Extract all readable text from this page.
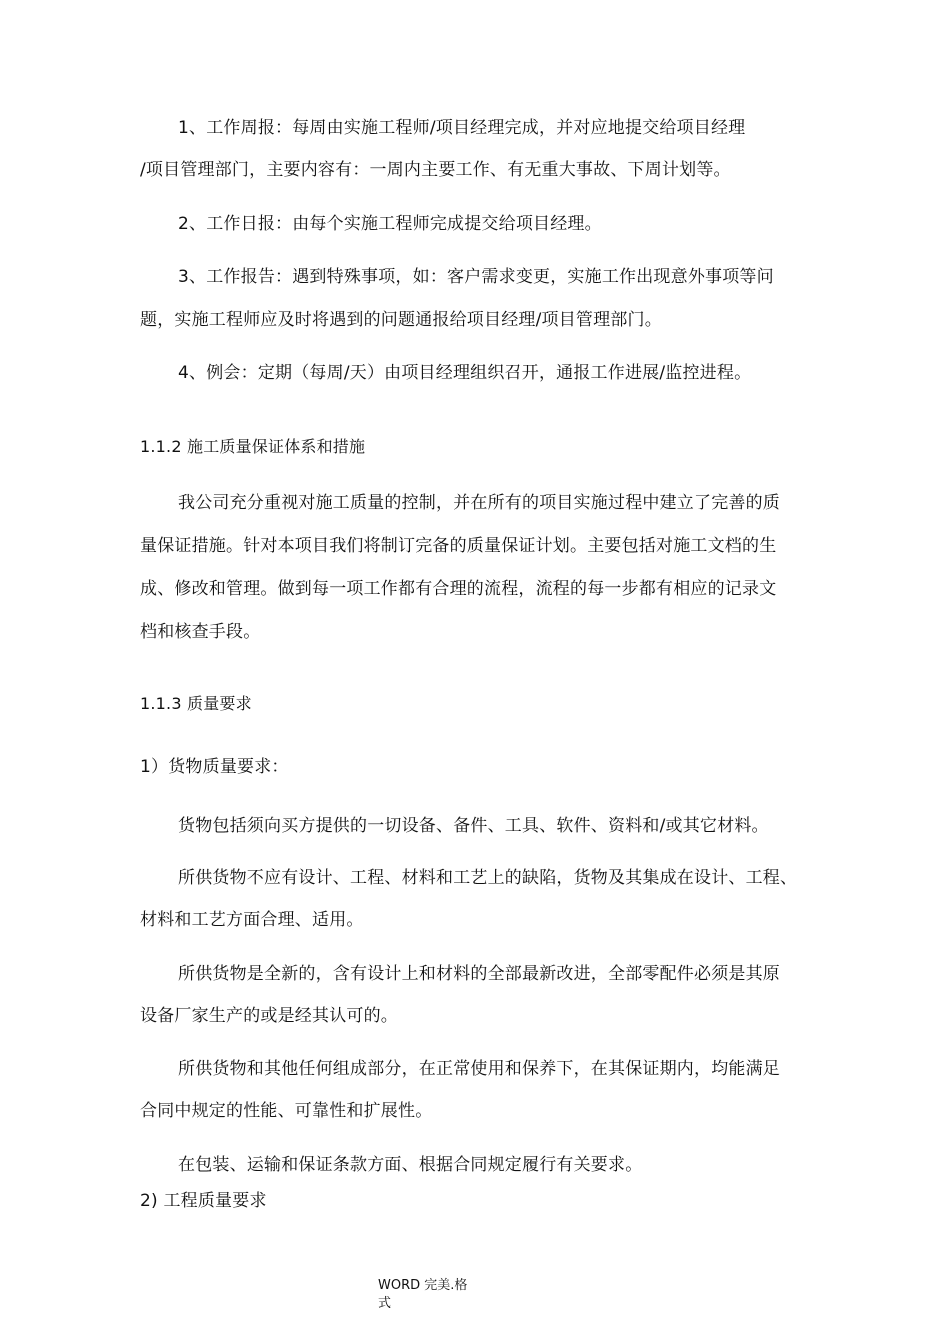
1、工作周报：每周由实施工程师/项目经理完成，并对应地提交给项目经理
/项目管理部门，主要内容有：一周内主要工作、有无重大事故、下周计划等。
2、工作日报：由每个实施工程师完成提交给项目经理。
3、工作报告：遇到特殊事项，如：客户需求变更，实施工作出现意外事项等问
题，实施工程师应及时将遇到的问题通报给项目经理/项目管理部门。
4、例会：定期（每周/天）由项目经理组织召开，通报工作进展/监控进程。
1.1.2 施工质量保证体系和措施
我公司充分重视对施工质量的控制，并在所有的项目实施过程中建立了完善的质
量保证措施。针对本项目我们将制订完备的质量保证计划。主要包括对施工文档的生
成、修改和管理。做到每一项工作都有合理的流程，流程的每一步都有相应的记录文
档和核查手段。
1.1.3 质量要求
1）货物质量要求：
货物包括须向买方提供的一切设备、备件、工具、软件、资料和/或其它材料。
所供货物不应有设计、工程、材料和工艺上的缺陷，货物及其集成在设计、工程、
材料和工艺方面合理、适用。
所供货物是全新的，含有设计上和材料的全部最新改进，全部零配件必须是其原
设备厂家生产的或是经其认可的。
所供货物和其他任何组成部分，在正常使用和保养下，在其保证期内，均能满足
合同中规定的性能、可靠性和扩展性。
在包装、运输和保证条款方面、根据合同规定履行有关要求。
2) 工程质量要求
WORD 完美.格
式
